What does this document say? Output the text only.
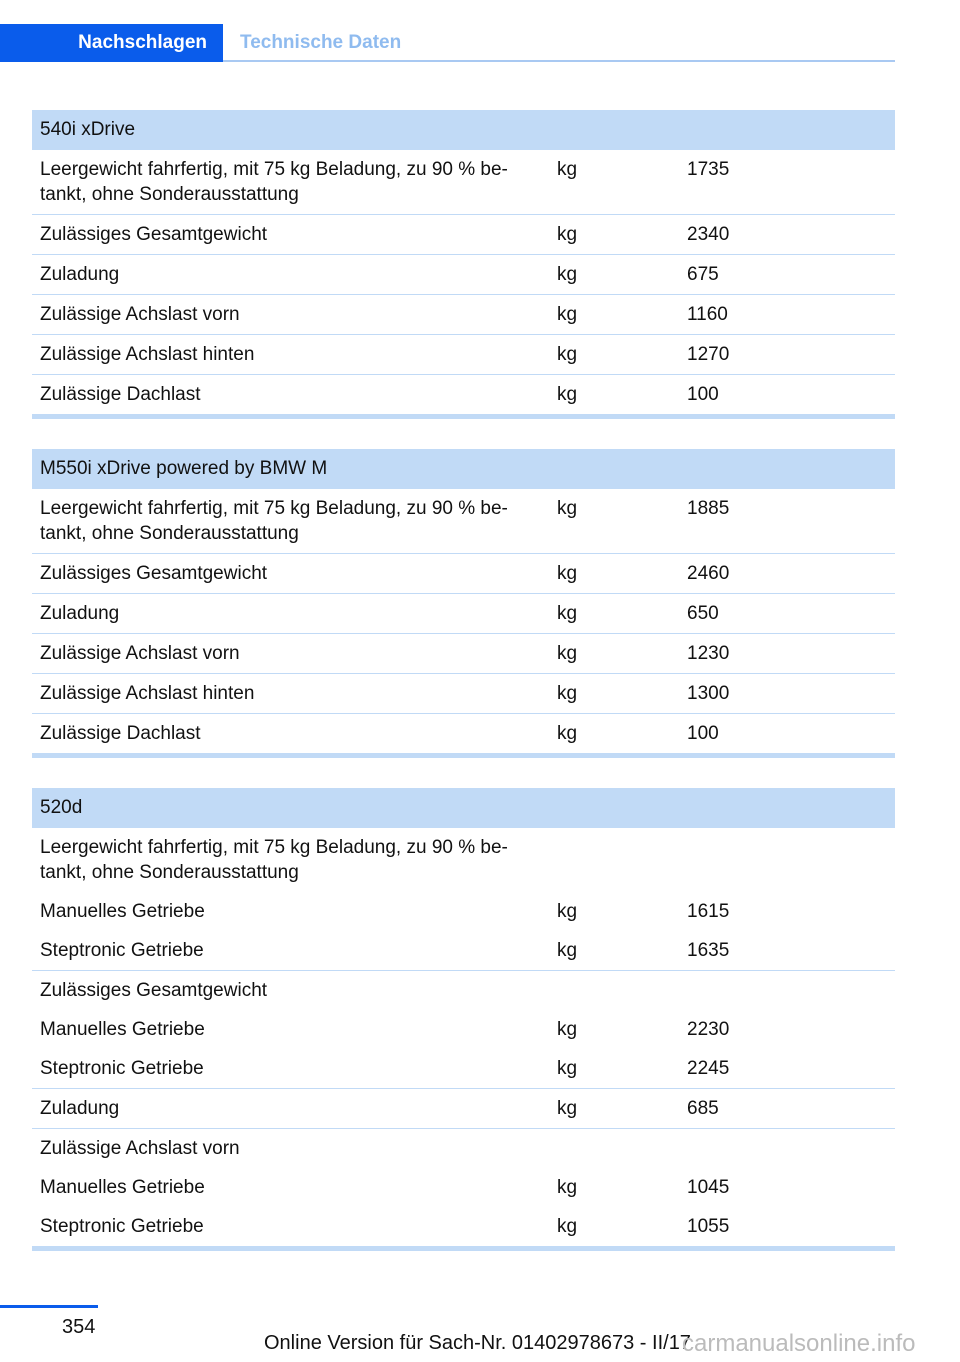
Nachschlagen	Technische Daten
540i xDrive
Leergewicht fahrfertig, mit 75 kg Beladung, zu 90 % be-
tankt, ohne Sonderausstattung
kg	1735
Zulässiges Gesamtgewicht	kg	2340
Zuladung	kg	675
Zulässige Achslast vorn	kg	1160
Zulässige Achslast hinten	kg	1270
Zulässige Dachlast	kg	100
M550i xDrive powered by BMW M
Leergewicht fahrfertig, mit 75 kg Beladung, zu 90 % be-
tankt, ohne Sonderausstattung
kg	1885
Zulässiges Gesamtgewicht	kg	2460
Zuladung	kg	650
Zulässige Achslast vorn	kg	1230
Zulässige Achslast hinten	kg	1300
Zulässige Dachlast	kg	100
520d
Leergewicht fahrfertig, mit 75 kg Beladung, zu 90 % be-
tankt, ohne Sonderausstattung
Manuelles Getriebe	kg	1615
Steptronic Getriebe	kg	1635
Zulässiges Gesamtgewicht
Manuelles Getriebe	kg	2230
Steptronic Getriebe	kg	2245
Zuladung	kg	685
Zulässige Achslast vorn
Manuelles Getriebe	kg	1045
Steptronic Getriebe	kg	1055
354
Online Version für Sach-Nr. 01402978673 - II/17
carmanualsonline.info
